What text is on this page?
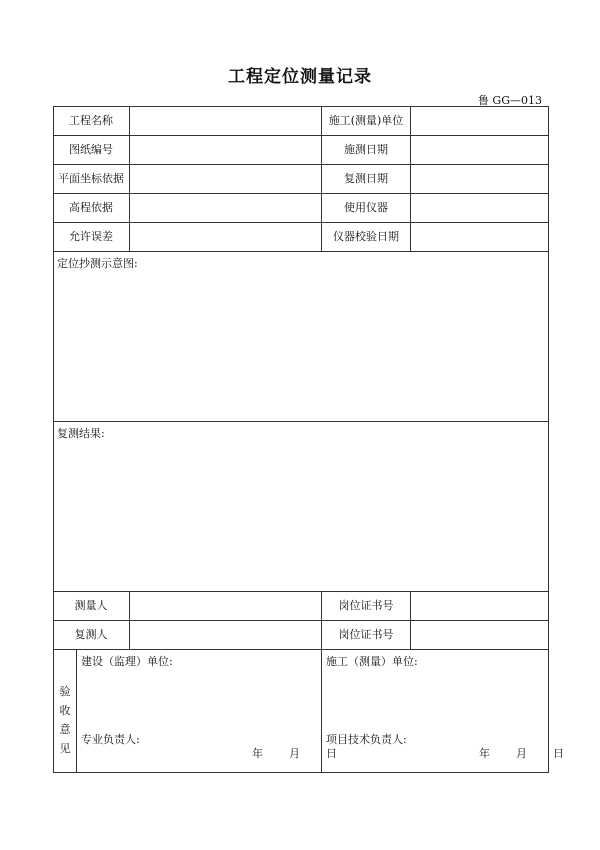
工程定位测量记录
鲁 GG—013
工程名称	施工(测量)单位
图纸编号	施测日期
平面坐标依据	复测日期
高程依据	使用仪器
允许误差	仪器校验日期
定位抄测示意图:
复测结果:
测量人	岗位证书号
复测人	岗位证书号
验
收
意
见
建设（监理）单位:
专业负责人:
年 月 日
施工（测量）单位:
项目技术负责人:
年 月 日
